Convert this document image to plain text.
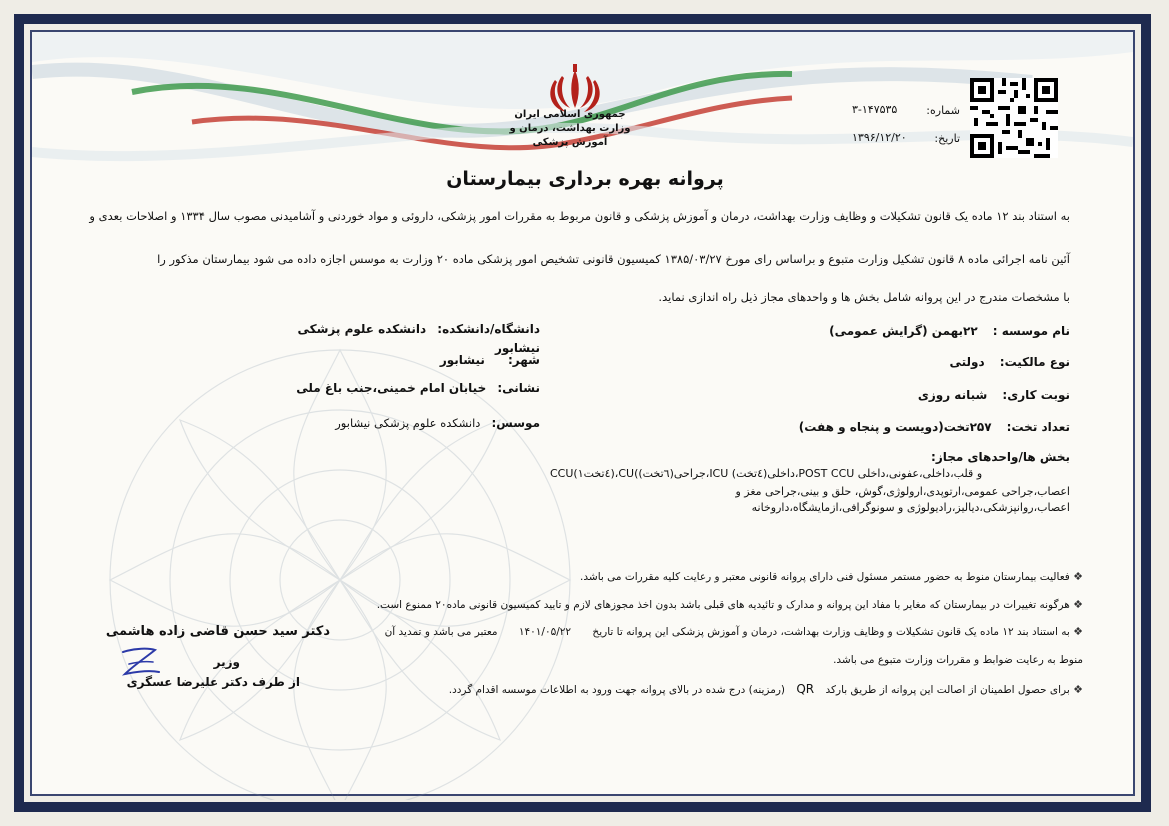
جمهوری اسلامی ایران
وزارت بهداشت، درمان و آموزش پزشکی
شماره:
۳-۱۴۷۵۳۵
تاریخ:
۱۳۹۶/۱۲/۲۰
پروانه بهره برداری بیمارستان
به استناد بند ۱۲ ماده یک قانون تشکیلات و وظایف وزارت بهداشت، درمان و آموزش پزشکی و قانون مربوط به مقررات امور پزشکی، داروئی و مواد خوردنی و آشامیدنی مصوب سال ۱۳۳۴ و اصلاحات بعدی و
آئین نامه اجرائی ماده ۸ قانون تشکیل وزارت متبوع و براساس رای مورخ ۱۳۸۵/۰۳/۲۷ کمیسیون قانونی تشخیص امور پزشکی ماده ۲۰ وزارت به موسس اجازه داده می شود بیمارستان مذکور را
با مشخصات مندرج در این پروانه شامل بخش ها و واحدهای مجاز ذیل راه اندازی نماید.
نام موسسه : ۲۲بهمن (گرایش عمومی)
نوع مالکیت: دولتی
نوبت کاری: شبانه روزی
تعداد تخت: ۲۵۷تخت(دویست و پنجاه و هفت)
دانشگاه/دانشکده: دانشکده علوم پزشکی نیشابور
شهر: نیشابور
نشانی: خیابان امام خمینی،جنب باغ ملی
موسس: دانشکده علوم پزشکی نیشابور
بخش ها/واحدهای مجاز:
CCU(۱٤تخت)،CU(جراحی(٦تخت)،ICU داخلی(٤تخت)،POST CCU و قلب،داخلی،عفونی،داخلی
اعصاب،جراحی عمومی،ارتوپدی،ارولوژی،گوش، حلق و بینی،جراحی مغز و
اعصاب،روانپزشکی،دیالیز،رادیولوژی و سونوگرافی،ازمایشگاه،داروخانه
❖ فعالیت بیمارستان منوط به حضور مستمر مسئول فنی دارای پروانه قانونی معتبر و رعایت کلیه مقررات می باشد.
❖ هرگونه تغییرات در بیمارستان که مغایر با مفاد این پروانه و مدارک و تائیدیه های قبلی باشد بدون اخذ مجوزهای لازم و تایید کمیسیون قانونی ماده۲۰ ممنوع است.
❖ به استناد بند ۱۲ ماده یک قانون تشکیلات و وظایف وزارت بهداشت، درمان و آموزش پزشکی این پروانه تا تاریخ ۱۴۰۱/۰۵/۲۲ معتبر می باشد و تمدید آن
منوط به رعایت ضوابط و مقررات وزارت متبوع می باشد.
❖ برای حصول اطمینان از اصالت این پروانه از طریق بارکد QR (رمزینه) درج شده در بالای پروانه جهت ورود به اطلاعات موسسه اقدام گردد.
دکتر سید حسن قاضی زاده هاشمی
وزیر
از طرف دکتر علیرضا عسگری
